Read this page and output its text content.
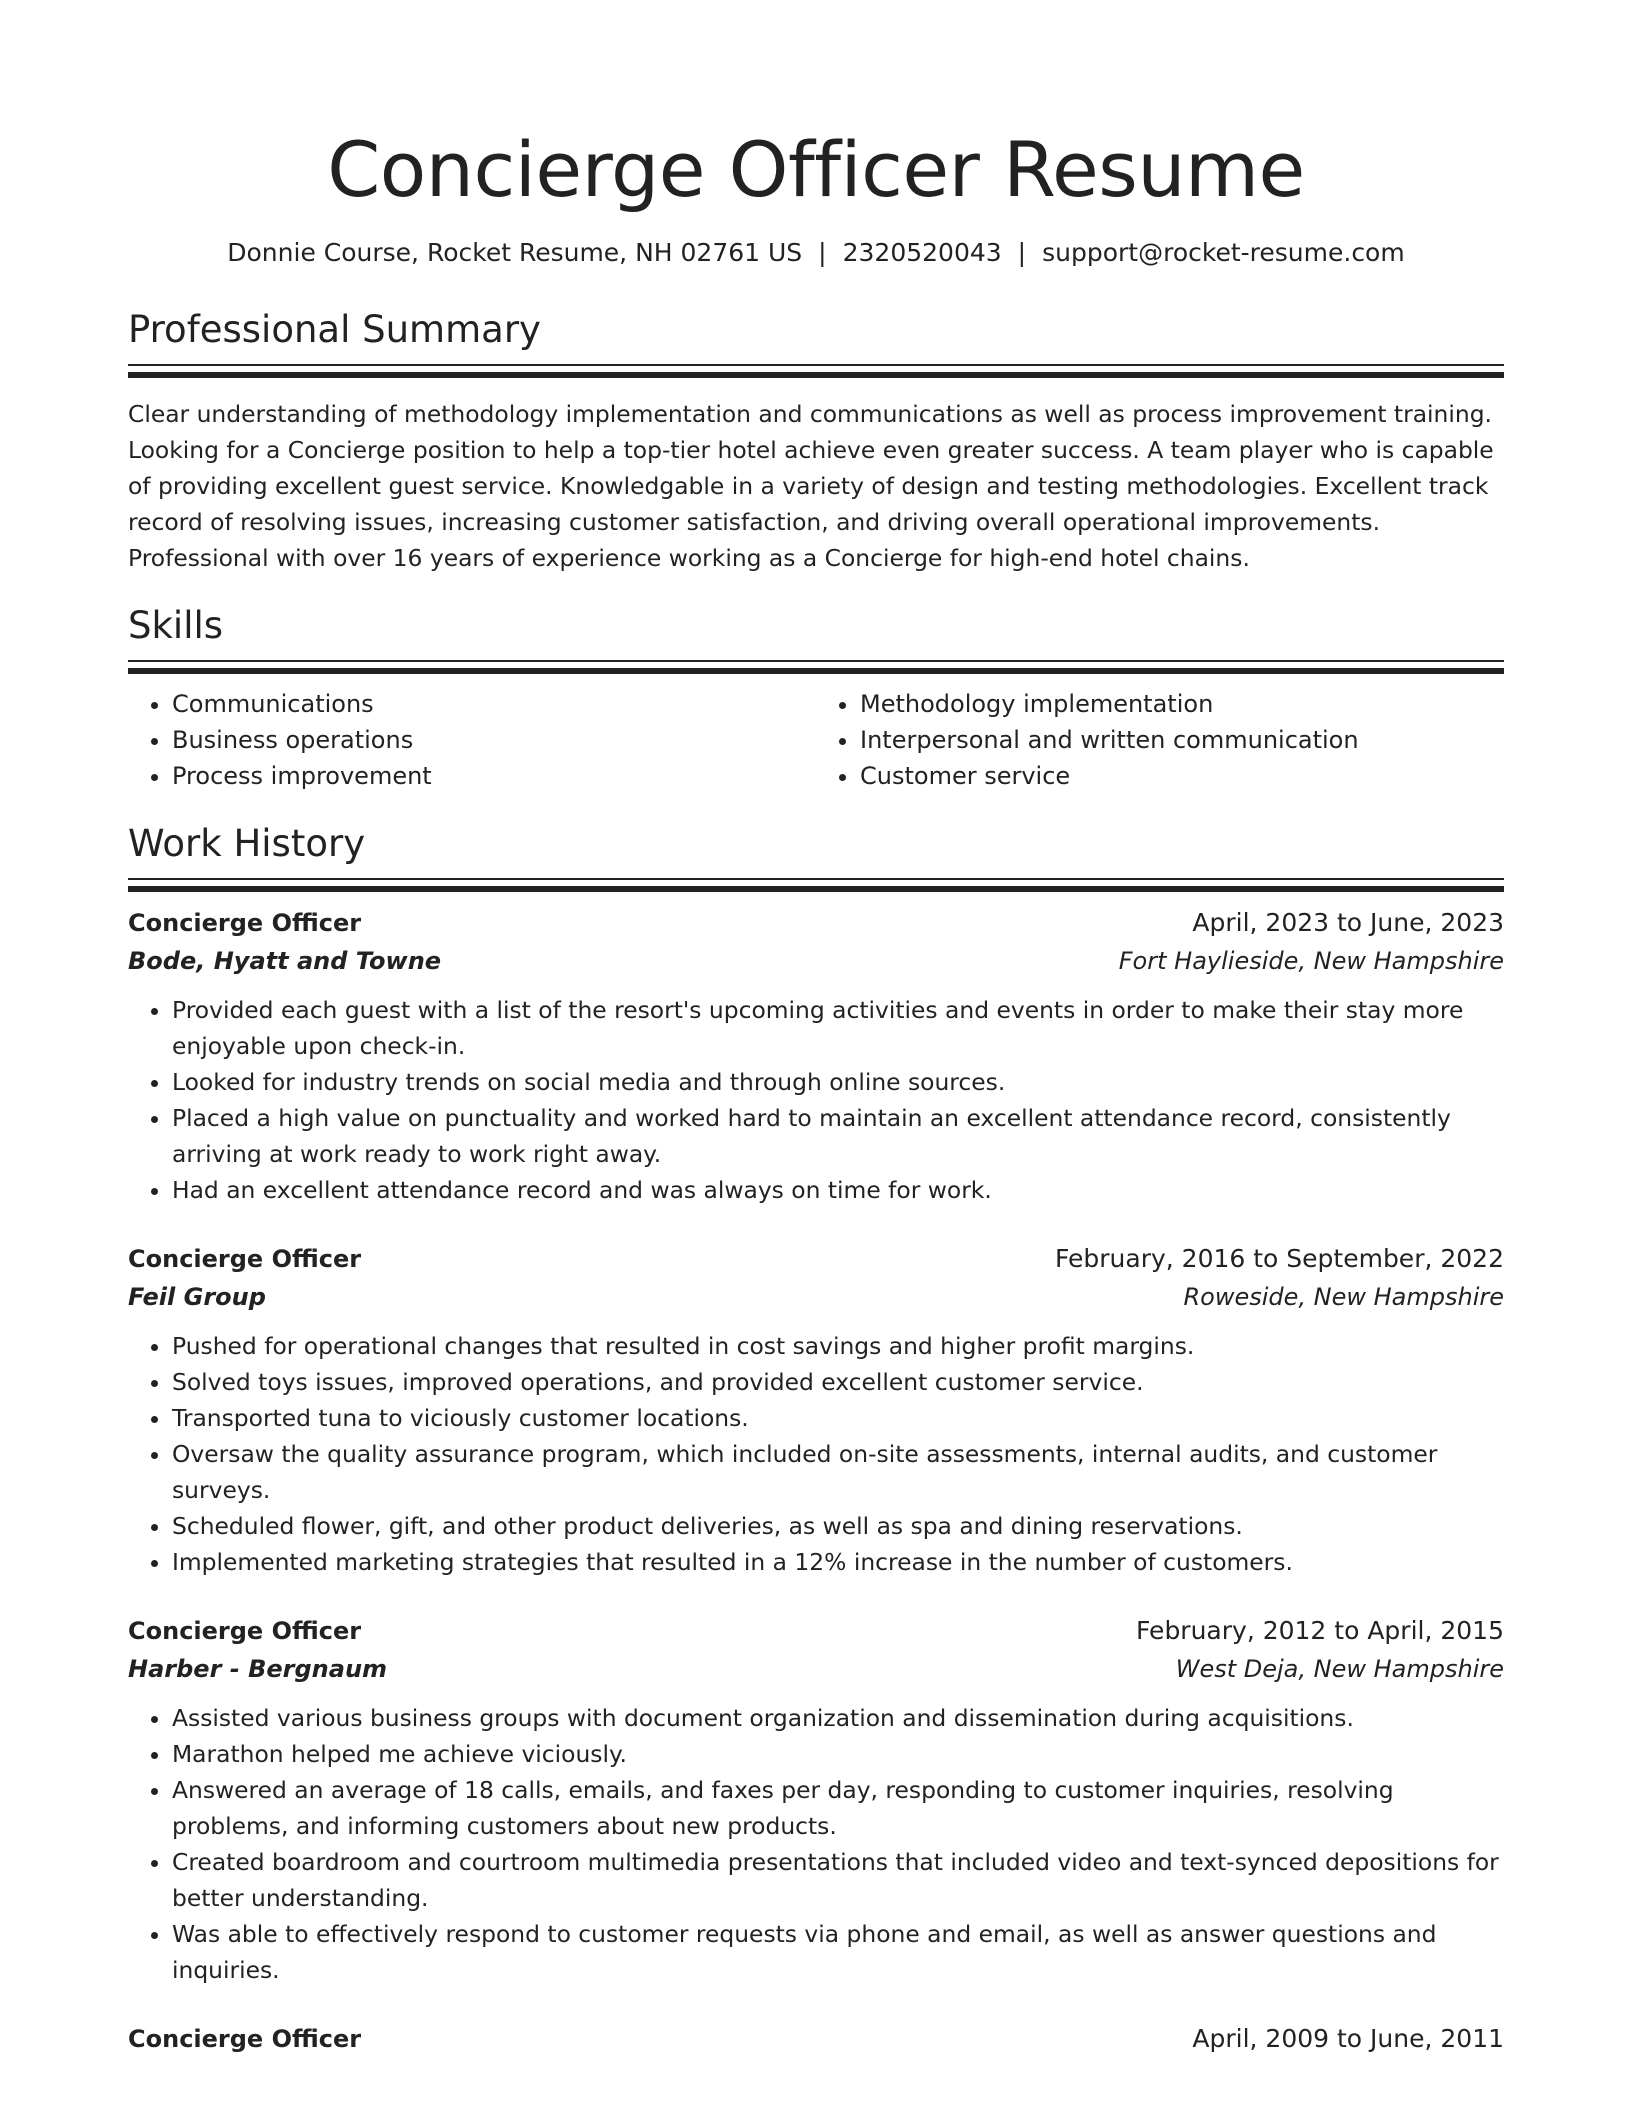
Concierge Officer Resume
Donnie Course, Rocket Resume, NH 02761 US | 2320520043 | support@rocket-resume.com
Professional Summary

Clear understanding of methodology implementation and communications as well as process improvement training. Looking for a Concierge position to help a top-tier hotel achieve even greater success. A team player who is capable of providing excellent guest service. Knowledgable in a variety of design and testing methodologies. Excellent track record of resolving issues, increasing customer satisfaction, and driving overall operational improvements. Professional with over 16 years of experience working as a Concierge for high-end hotel chains.

Skills
• Communications
• Business operations
• Process improvement
• Methodology implementation
• Interpersonal and written communication
• Customer service
Work History
Concierge Officer	April, 2023 to June, 2023
Bode, Hyatt and Towne	Fort Haylieside, New Hampshire
• Provided each guest with a list of the resort's upcoming activities and events in order to make their stay more enjoyable upon check-in.
• Looked for industry trends on social media and through online sources.
• Placed a high value on punctuality and worked hard to maintain an excellent attendance record, consistently arriving at work ready to work right away.
• Had an excellent attendance record and was always on time for work.
Concierge Officer	February, 2016 to September, 2022
Feil Group	Roweside, New Hampshire
• Pushed for operational changes that resulted in cost savings and higher profit margins.
• Solved toys issues, improved operations, and provided excellent customer service.
• Transported tuna to viciously customer locations.
• Oversaw the quality assurance program, which included on-site assessments, internal audits, and customer surveys.
• Scheduled flower, gift, and other product deliveries, as well as spa and dining reservations.
• Implemented marketing strategies that resulted in a 12% increase in the number of customers.
Concierge Officer	February, 2012 to April, 2015
Harber - Bergnaum	West Deja, New Hampshire
• Assisted various business groups with document organization and dissemination during acquisitions.
• Marathon helped me achieve viciously.
• Answered an average of 18 calls, emails, and faxes per day, responding to customer inquiries, resolving problems, and informing customers about new products.
• Created boardroom and courtroom multimedia presentations that included video and text-synced depositions for better understanding.
• Was able to effectively respond to customer requests via phone and email, as well as answer questions and inquiries.
Concierge Officer	April, 2009 to June, 2011
